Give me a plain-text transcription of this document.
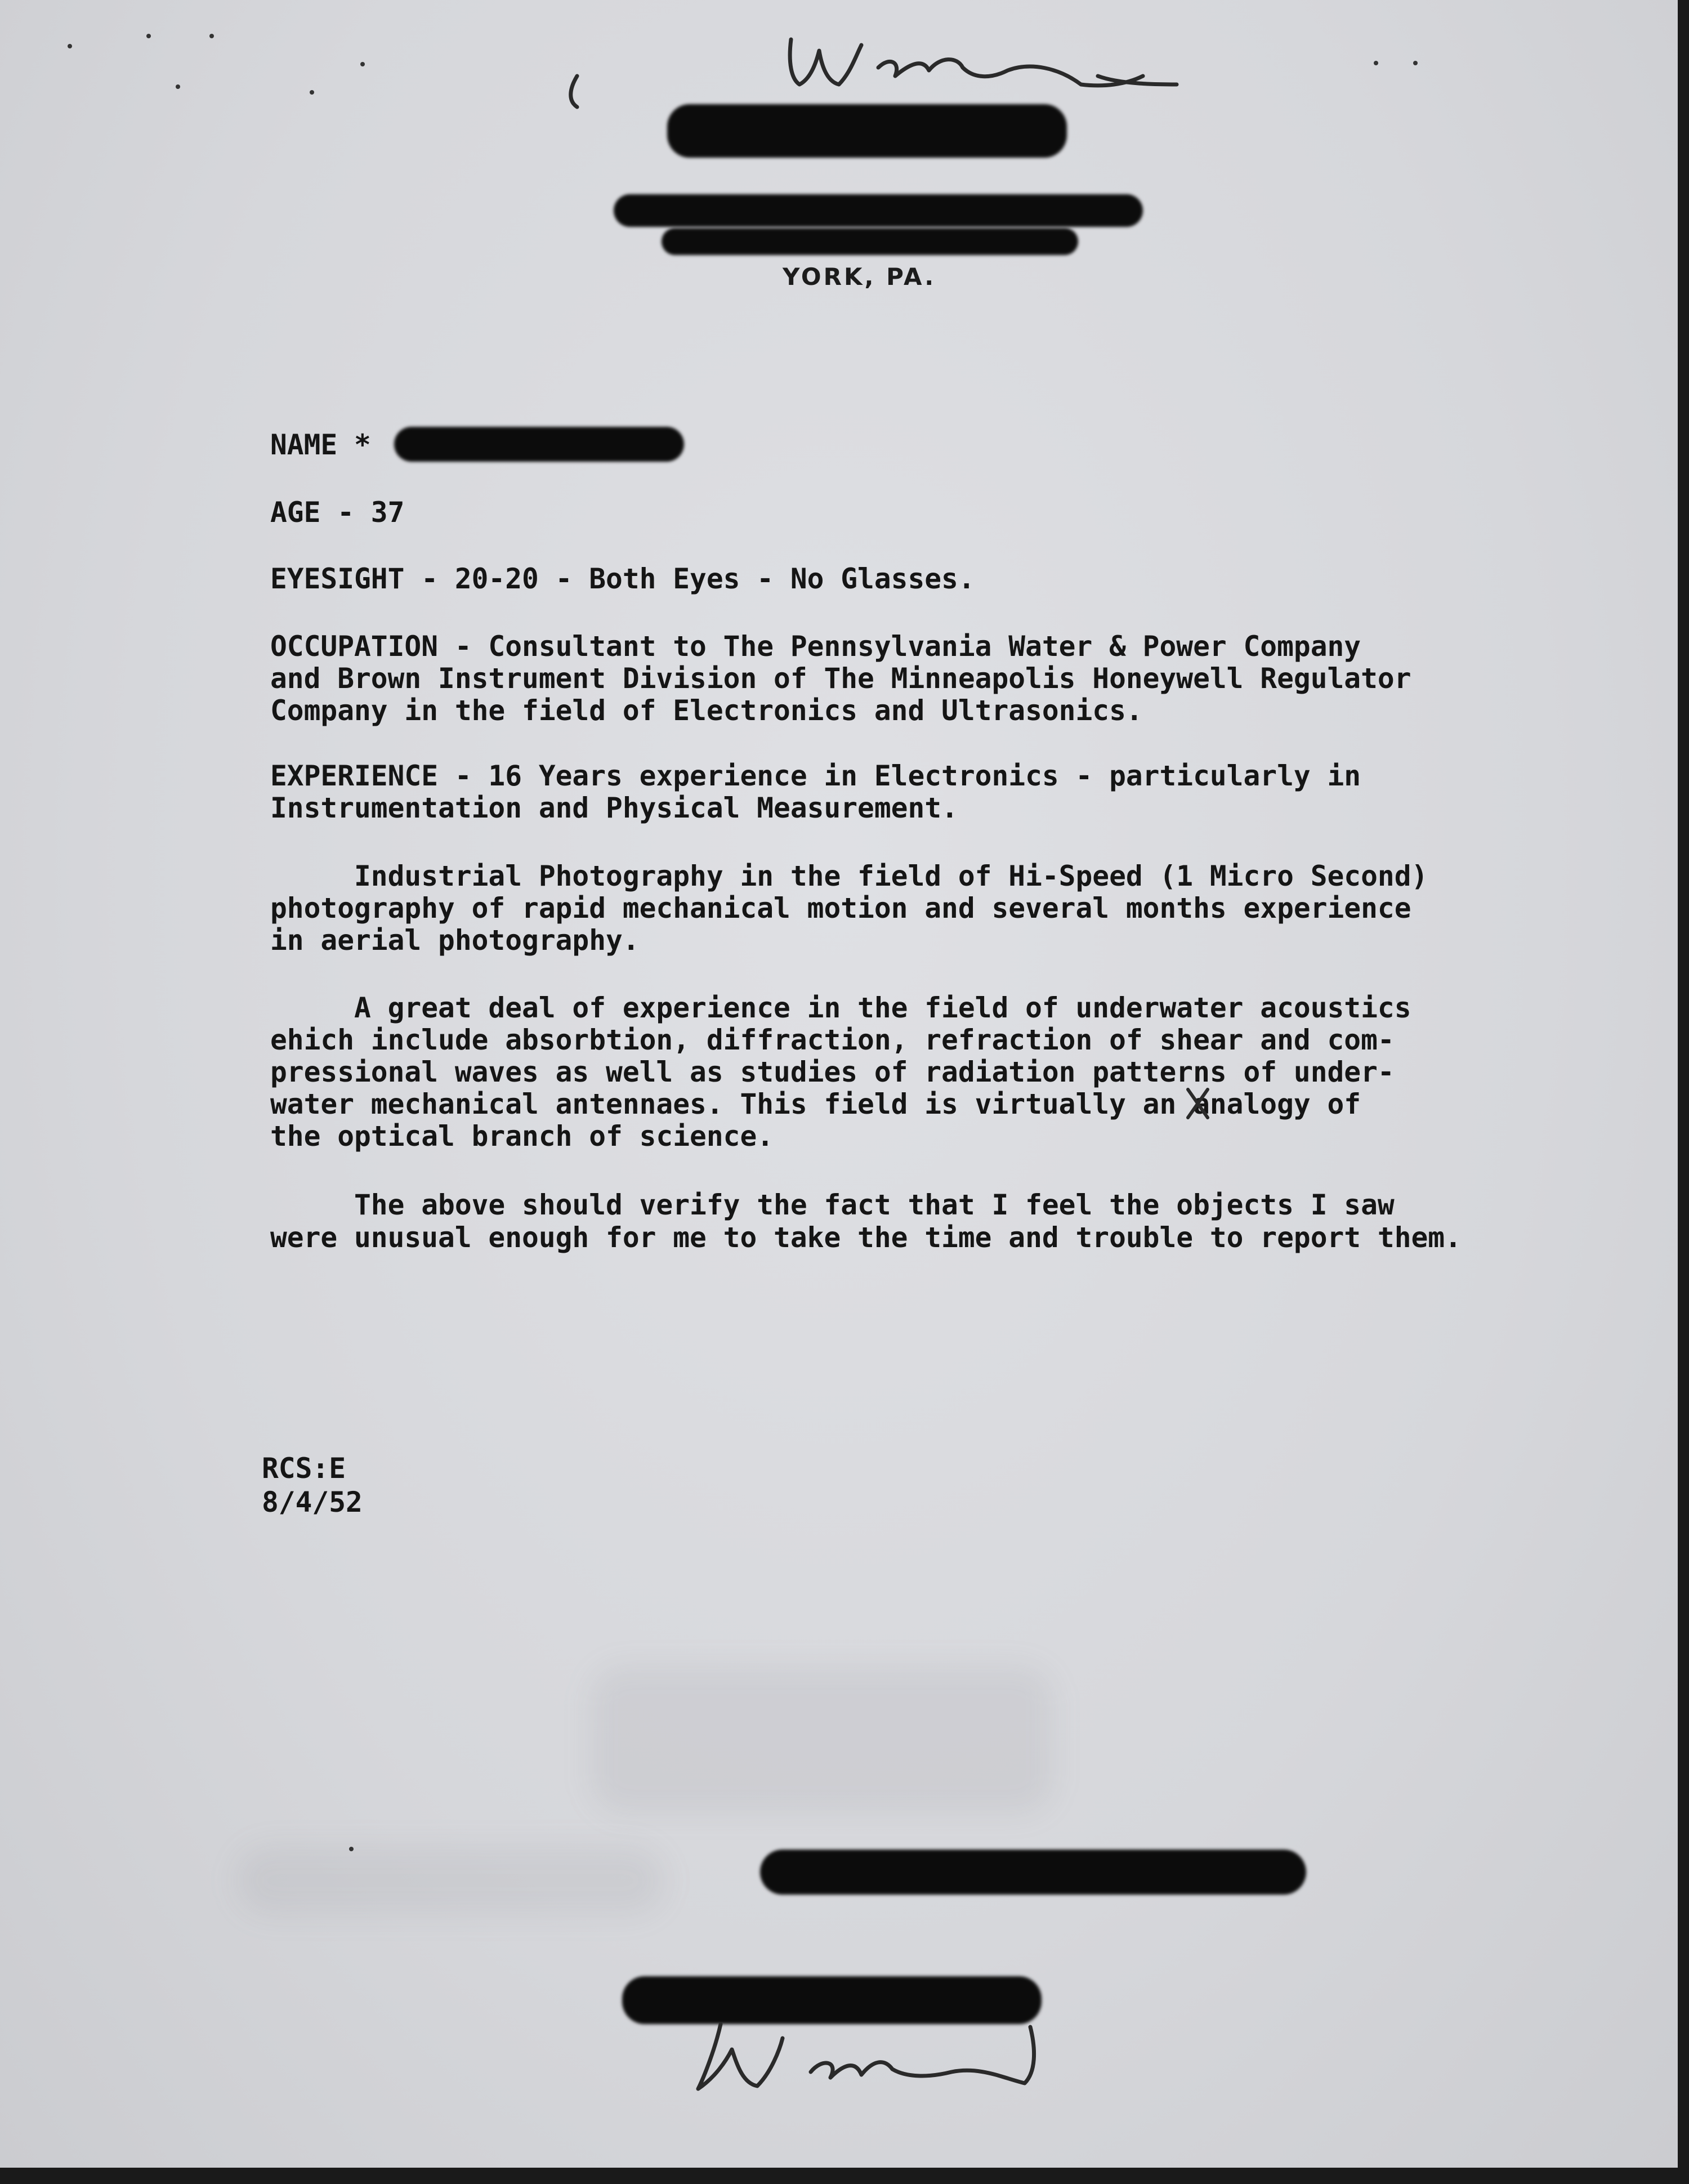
YORK, PA.
NAME *
AGE - 37
EYESIGHT - 20-20 - Both Eyes - No Glasses.
OCCUPATION - Consultant to The Pennsylvania Water & Power Company
and Brown Instrument Division of The Minneapolis Honeywell Regulator
Company in the field of Electronics and Ultrasonics.
EXPERIENCE - 16 Years experience in Electronics - particularly in
Instrumentation and Physical Measurement.
Industrial Photography in the field of Hi-Speed (1 Micro Second)
photography of rapid mechanical motion and several months experience
in aerial photography.
A great deal of experience in the field of underwater acoustics
ehich include absorbtion, diffraction, refraction of shear and com-
pressional waves as well as studies of radiation patterns of under-
water mechanical antennaes. This field is virtually an analogy of
the optical branch of science.
The above should verify the fact that I feel the objects I saw
were unusual enough for me to take the time and trouble to report them.
RCS:E
8/4/52
